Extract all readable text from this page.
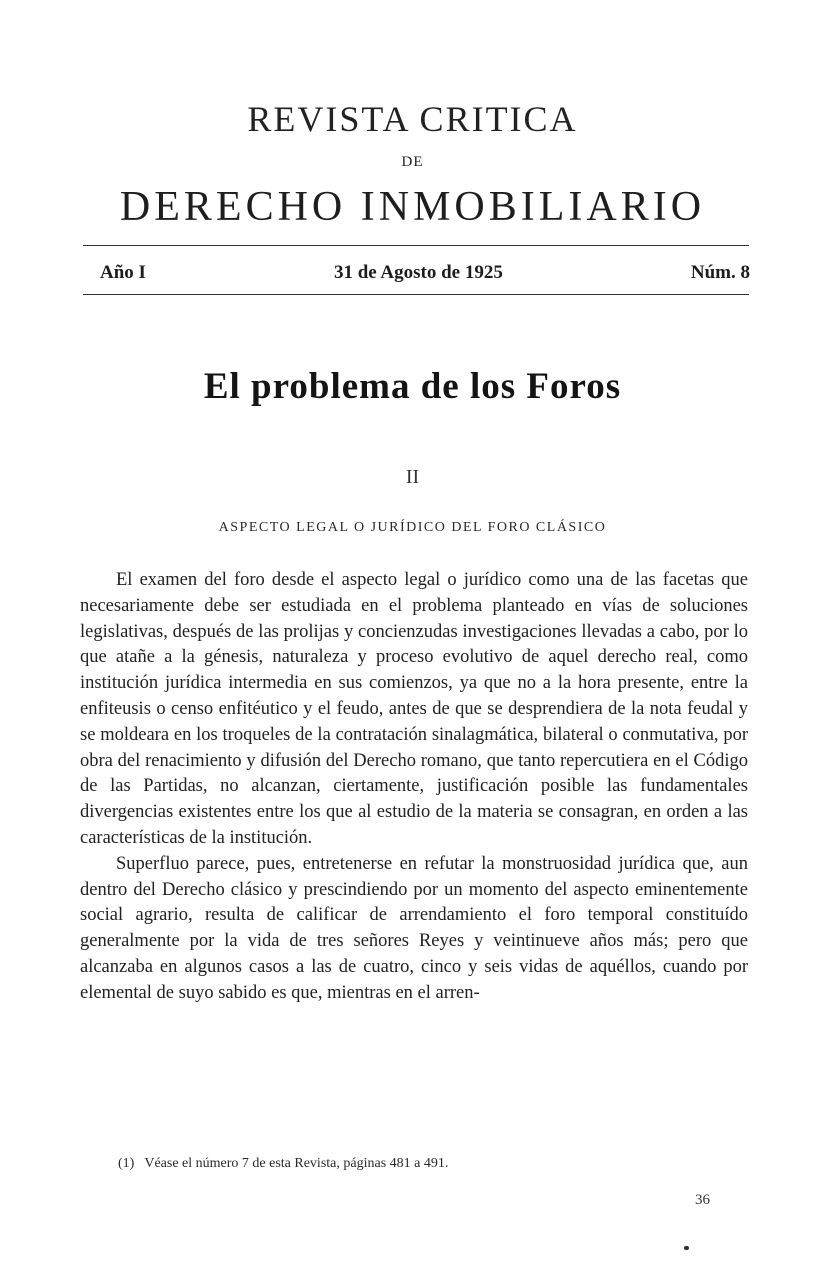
REVISTA CRITICA
DE
DERECHO INMOBILIARIO
Año I	31 de Agosto de 1925	Núm. 8
El problema de los Foros
II
ASPECTO LEGAL O JURÍDICO DEL FORO CLÁSICO

El examen del foro desde el aspecto legal o jurídico como una de las facetas que necesariamente debe ser estudiada en el problema planteado en vías de soluciones legislativas, después de las prolijas y concienzudas investigaciones llevadas a cabo, por lo que atañe a la génesis, naturaleza y proceso evolutivo de aquel derecho real, como institución jurídica intermedia en sus comienzos, ya que no a la hora presente, entre la enfiteusis o censo enfitéutico y el feudo, antes de que se desprendiera de la nota feudal y se moldeara en los troqueles de la contratación sinalagmática, bilateral o conmutativa, por obra del renacimiento y difusión del Derecho romano, que tanto repercutiera en el Código de las Partidas, no alcanzan, ciertamente, justificación posible las fundamentales divergencias existentes entre los que al estudio de la materia se consagran, en orden a las características de la institución.

Superfluo parece, pues, entretenerse en refutar la monstruosidad jurídica que, aun dentro del Derecho clásico y prescindiendo por un momento del aspecto eminentemente social agrario, resulta de calificar de arrendamiento el foro temporal constituído generalmente por la vida de tres señores Reyes y veintinueve años más; pero que alcanzaba en algunos casos a las de cuatro, cinco y seis vidas de aquéllos, cuando por elemental de suyo sabido es que, mientras en el arren-

(1) Véase el número 7 de esta Revista, páginas 481 a 491.
36
